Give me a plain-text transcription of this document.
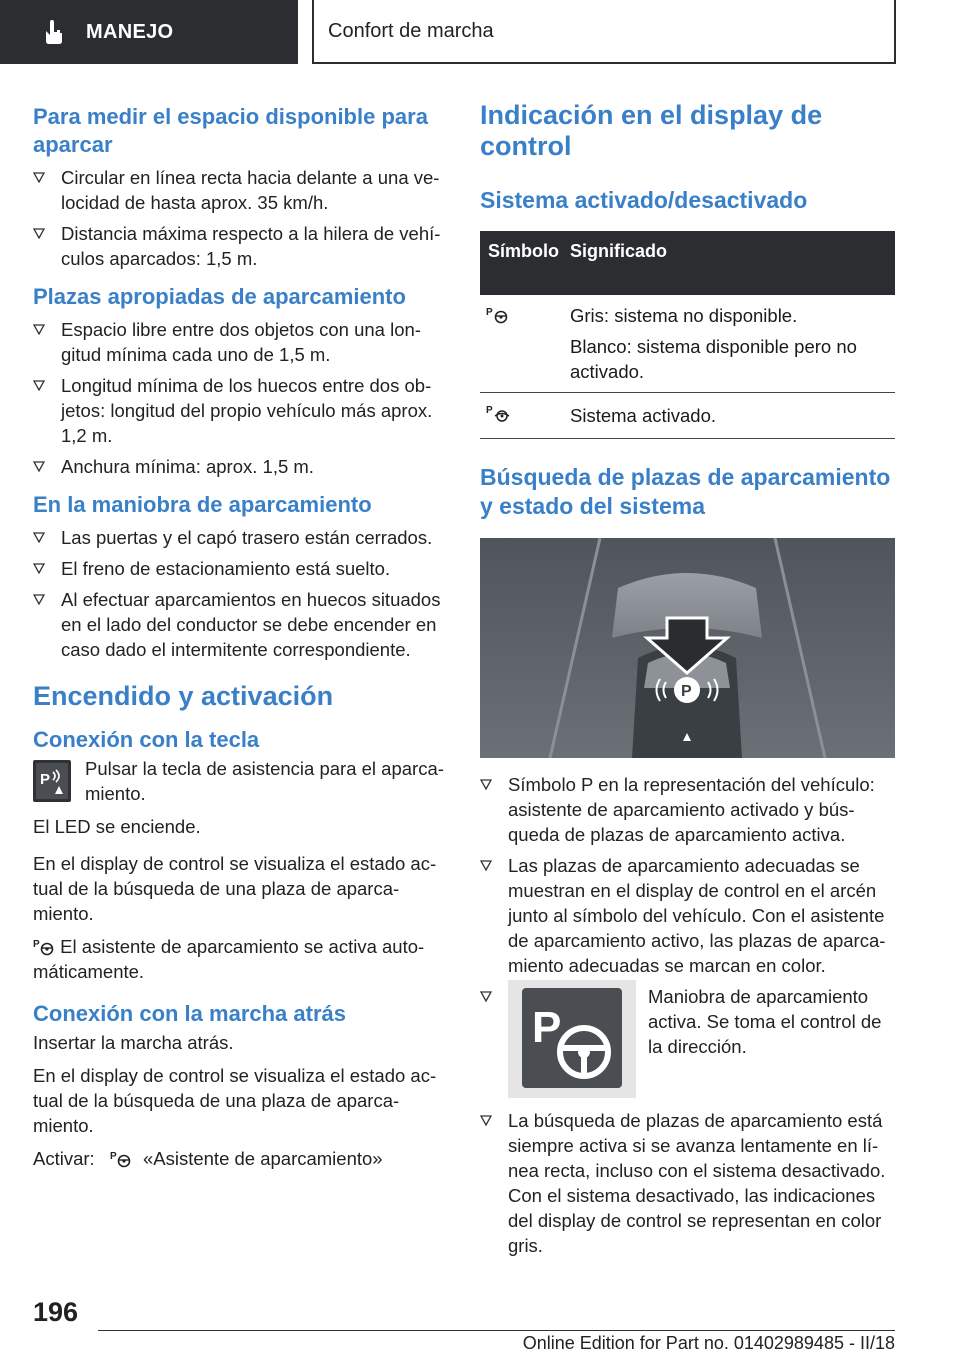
MANEJO	Confort de marcha
Para medir el espacio disponible para aparcar
Circular en línea recta hacia delante a una velocidad de hasta aprox. 35 km/h.
Distancia máxima respecto a la hilera de vehículos aparcados: 1,5 m.
Plazas apropiadas de aparcamiento
Espacio libre entre dos objetos con una longitud mínima cada uno de 1,5 m.
Longitud mínima de los huecos entre dos objetos: longitud del propio vehículo más aprox. 1,2 m.
Anchura mínima: aprox. 1,5 m.
En la maniobra de aparcamiento
Las puertas y el capó trasero están cerrados.
El freno de estacionamiento está suelto.
Al efectuar aparcamientos en huecos situados en el lado del conductor se debe encender en caso dado el intermitente correspondiente.
Encendido y activación
Conexión con la tecla
P
Pulsar la tecla de asistencia para el aparcamiento.
El LED se enciende.
En el display de control se visualiza el estado actual de la búsqueda de una plaza de aparcamiento.
P El asistente de aparcamiento se activa automáticamente.
Conexión con la marcha atrás
Insertar la marcha atrás.
En el display de control se visualiza el estado actual de la búsqueda de una plaza de aparcamiento.
Activar: P «Asistente de aparcamiento»
Indicación en el display de control
Sistema activado/desactivado
Símbolo Significado
P	Gris: sistema no disponible.
Blanco: sistema disponible pero no activado.
P	Sistema activado.
Búsqueda de plazas de aparcamiento y estado del sistema
P
Símbolo P en la representación del vehículo: asistente de aparcamiento activado y búsqueda de plazas de aparcamiento activa.
Las plazas de aparcamiento adecuadas se muestran en el display de control en el arcén junto al símbolo del vehículo. Con el asistente de aparcamiento activo, las plazas de aparcamiento adecuadas se marcan en color.
P
Maniobra de aparcamiento activa. Se toma el control de la dirección.
La búsqueda de plazas de aparcamiento está siempre activa si se avanza lentamente en línea recta, incluso con el sistema desactivado. Con el sistema desactivado, las indicaciones del display de control se representan en color gris.
196
Online Edition for Part no. 01402989485 - II/18
